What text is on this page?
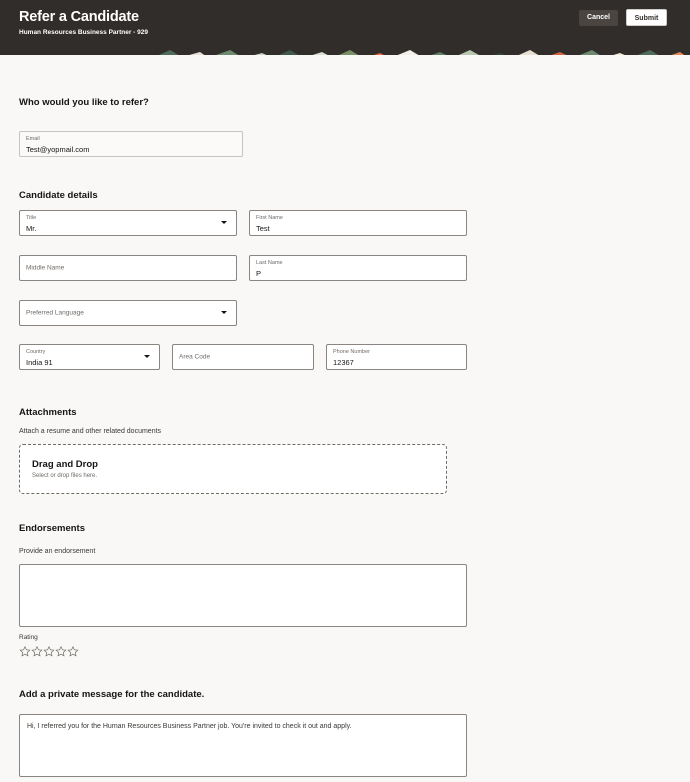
Refer a Candidate
Human Resources Business Partner - 929
Cancel	Submit
Who would you like to refer?
Email
Test@yopmail.com
Candidate details
Title
Mr.
First Name
Test
Middle Name
Last Name
P
Preferred Language
Country
India 91
Area Code
Phone Number
12367
Attachments
Attach a resume and other related documents
Drag and Drop
Select or drop files here.
Endorsements
Provide an endorsement
Rating
Add a private message for the candidate.
Hi, I referred you for the Human Resources Business Partner job. You're invited to check it out and apply.
